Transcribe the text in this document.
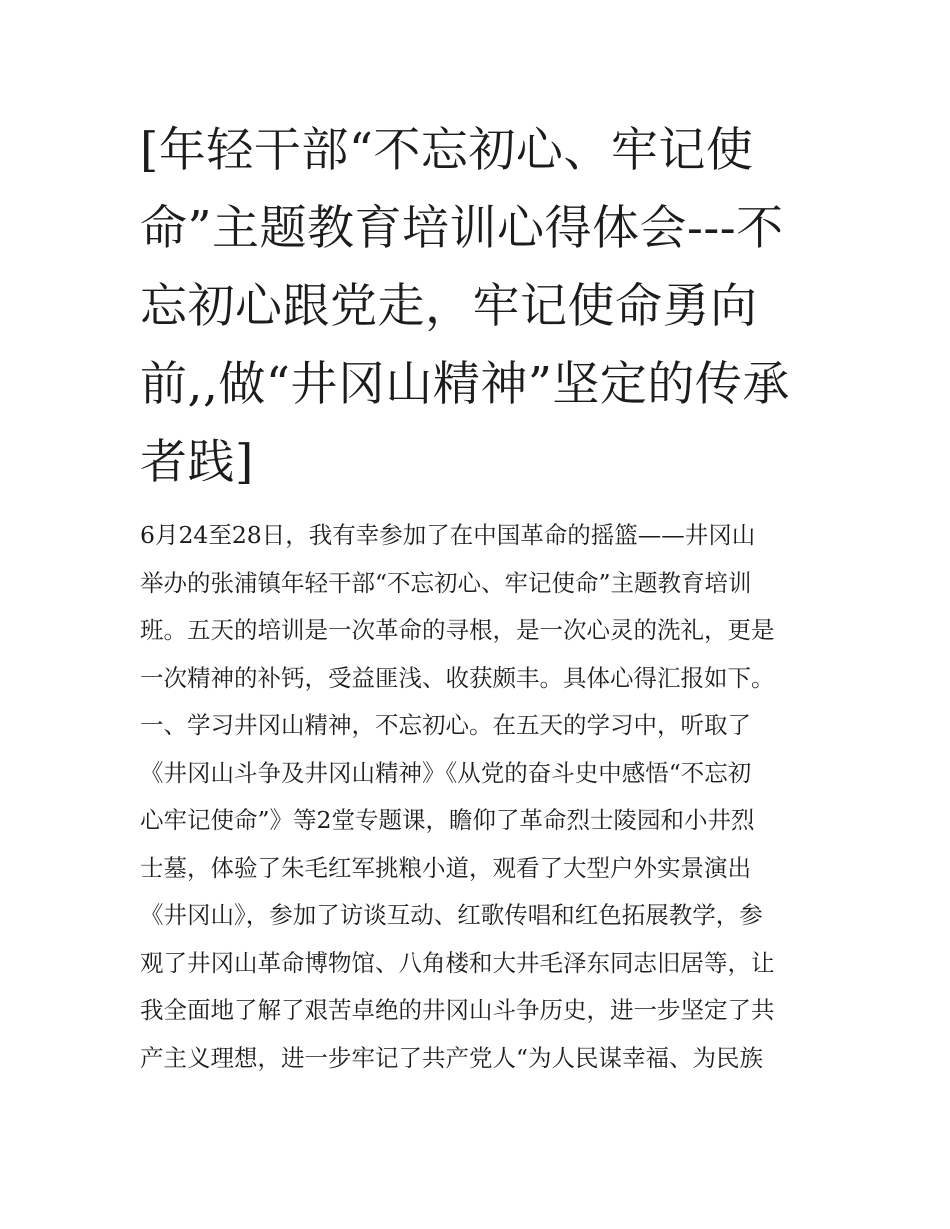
[年轻干部“不忘初心、牢记使
命”主题教育培训心得体会---不
忘初心跟党走，牢记使命勇向
前,,做“井冈山精神”坚定的传承
者践]
6月24至28日，我有幸参加了在中国革命的摇篮——井冈山
举办的张浦镇年轻干部“不忘初心、牢记使命”主题教育培训
班。五天的培训是一次革命的寻根，是一次心灵的洗礼，更是
一次精神的补钙，受益匪浅、收获颇丰。具体心得汇报如下。
一、学习井冈山精神，不忘初心。在五天的学习中，听取了
《井冈山斗争及井冈山精神》《从党的奋斗史中感悟“不忘初
心牢记使命”》等2堂专题课，瞻仰了革命烈士陵园和小井烈
士墓，体验了朱毛红军挑粮小道，观看了大型户外实景演出
《井冈山》，参加了访谈互动、红歌传唱和红色拓展教学，参
观了井冈山革命博物馆、八角楼和大井毛泽东同志旧居等，让
我全面地了解了艰苦卓绝的井冈山斗争历史，进一步坚定了共
产主义理想，进一步牢记了共产党人“为人民谋幸福、为民族
